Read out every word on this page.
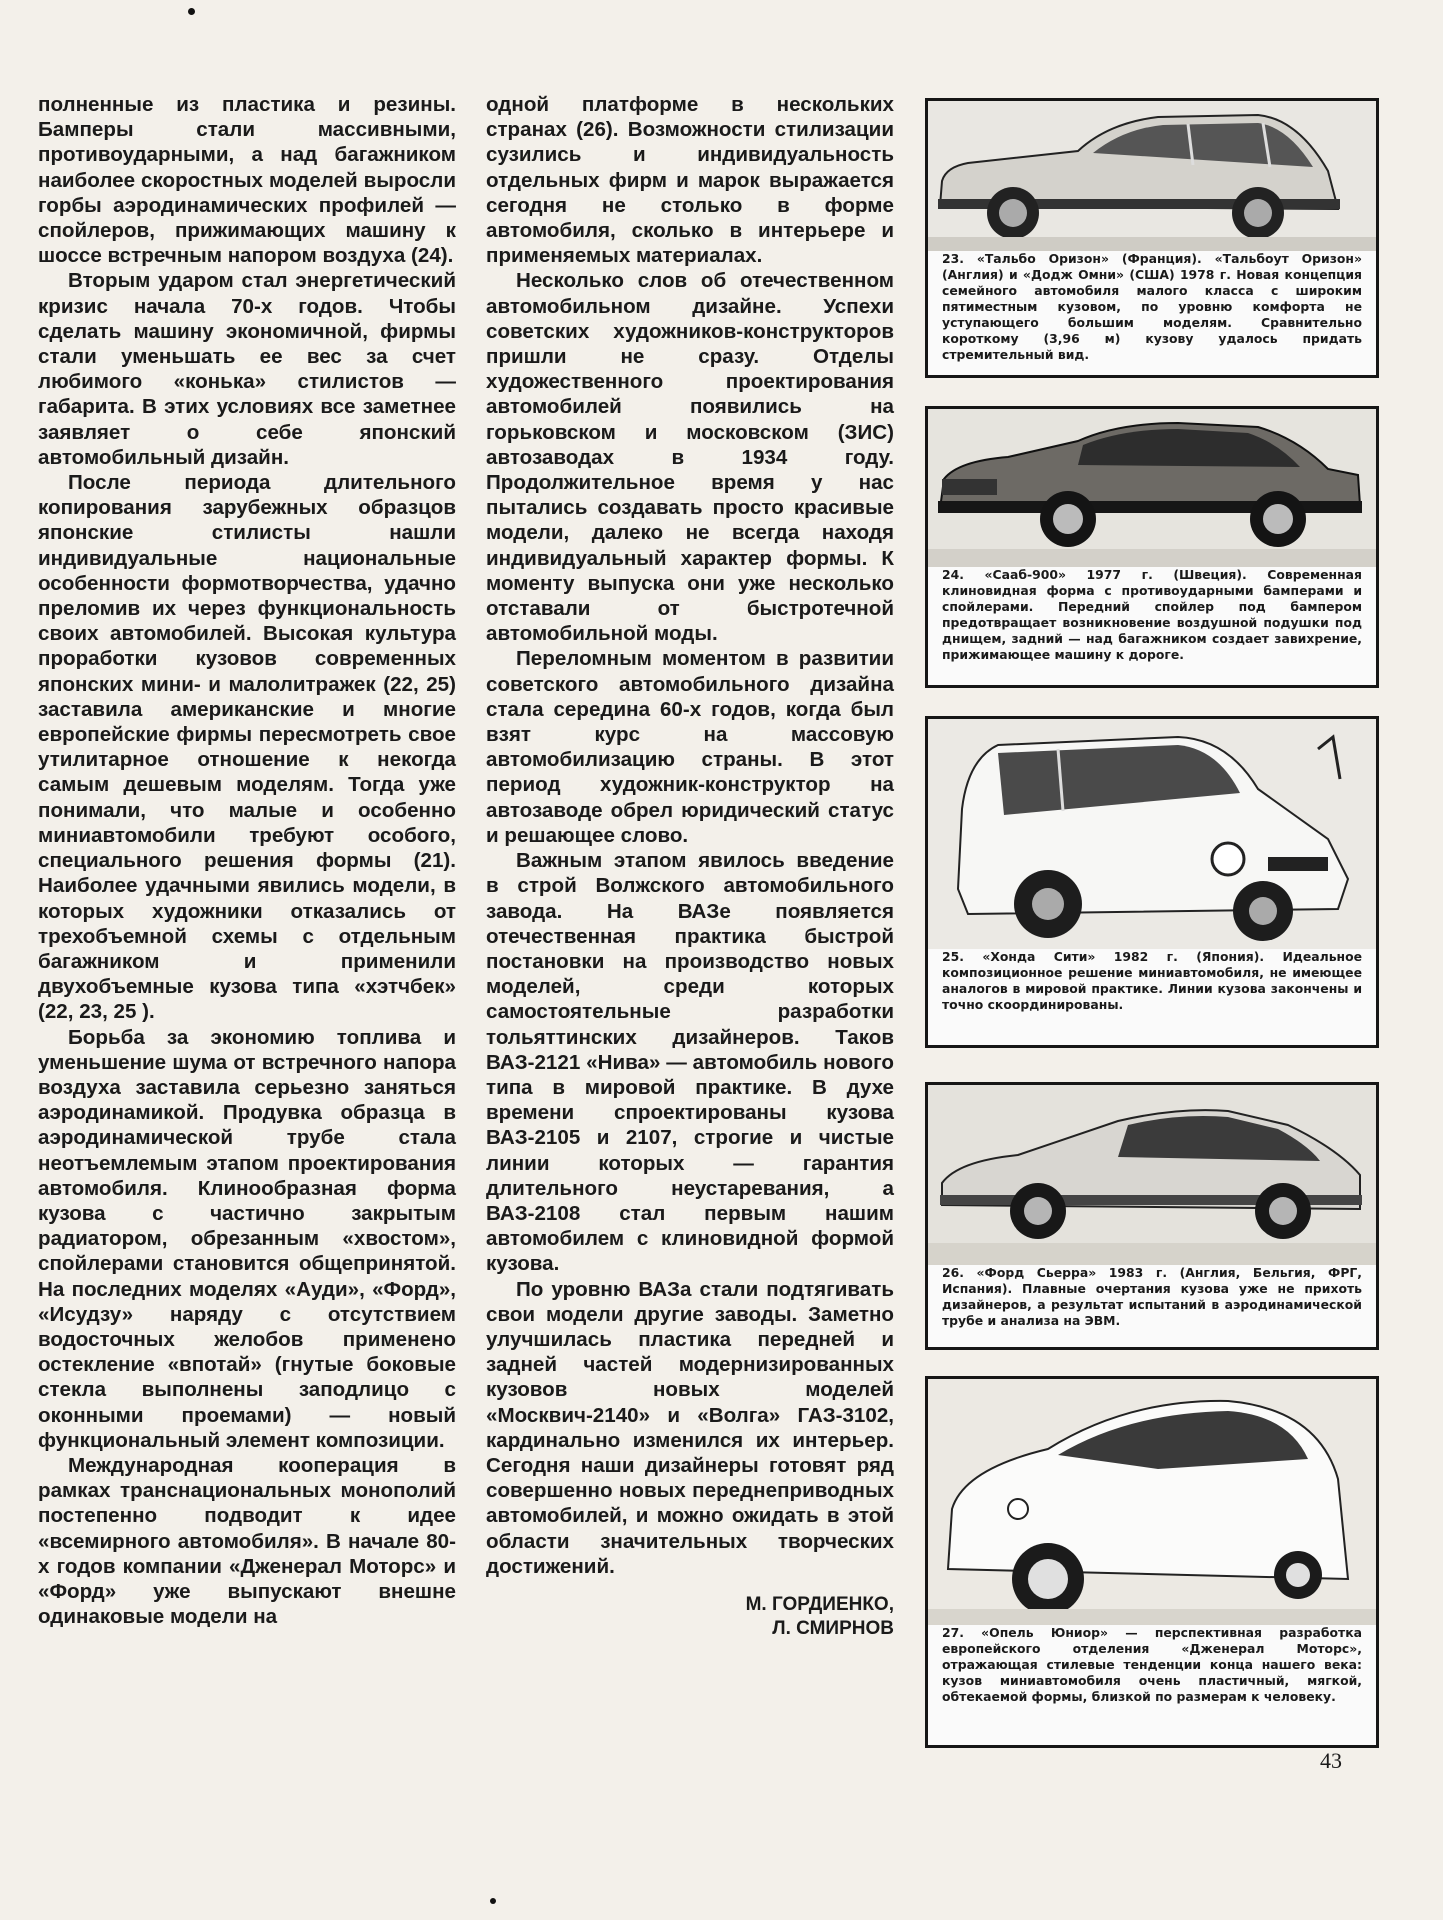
полненные из пластика и резины. Бамперы стали массивными, противоударными, а над багажником наиболее скоростных моделей выросли горбы аэродинамических профилей — спойлеров, прижимающих машину к шоссе встречным напором воздуха (24).

Вторым ударом стал энергетический кризис начала 70-х годов. Чтобы сделать машину экономичной, фирмы стали уменьшать ее вес за счет любимого «конька» стилистов — габарита. В этих условиях все заметнее заявляет о себе японский автомобильный дизайн.

После периода длительного копирования зарубежных образцов японские стилисты нашли индивидуальные национальные особенности формотворчества, удачно преломив их через функциональность своих автомобилей. Высокая культура проработки кузовов современных японских мини- и малолитражек (22, 25) заставила американские и многие европейские фирмы пересмотреть свое утилитарное отношение к некогда самым дешевым моделям. Тогда уже понимали, что малые и особенно миниавтомобили требуют особого, специального решения формы (21). Наиболее удачными явились модели, в которых художники отказались от трехобъемной схемы с отдельным багажником и применили двухобъемные кузова типа «хэтчбек» (22, 23, 25 ).

Борьба за экономию топлива и уменьшение шума от встречного напора воздуха заставила серьезно заняться аэродинамикой. Продувка образца в аэродинамической трубе стала неотъемлемым этапом проектирования автомобиля. Клинообразная форма кузова с частично закрытым радиатором, обрезанным «хвостом», спойлерами становится общепринятой. На последних моделях «Ауди», «Форд», «Исудзу» наряду с отсутствием водосточных желобов применено остекление «впотай» (гнутые боковые стекла выполнены заподлицо с оконными проемами) — новый функциональный элемент композиции.

Международная кооперация в рамках транснациональных монополий постепенно подводит к идее «всемирного автомобиля». В начале 80-х годов компании «Дженерал Моторс» и «Форд» уже выпускают внешне одинаковые модели на

одной платформе в нескольких странах (26). Возможности стилизации сузились и индивидуальность отдельных фирм и марок выражается сегодня не столько в форме автомобиля, сколько в интерьере и применяемых материалах.

Несколько слов об отечественном автомобильном дизайне. Успехи советских художников-конструкторов пришли не сразу. Отделы художественного проектирования автомобилей появились на горьковском и московском (ЗИС) автозаводах в 1934 году. Продолжительное время у нас пытались создавать просто красивые модели, далеко не всегда находя индивидуальный характер формы. К моменту выпуска они уже несколько отставали от быстротечной автомобильной моды.

Переломным моментом в развитии советского автомобильного дизайна стала середина 60-х годов, когда был взят курс на массовую автомобилизацию страны. В этот период художник-конструктор на автозаводе обрел юридический статус и решающее слово.

Важным этапом явилось введение в строй Волжского автомобильного завода. На ВАЗе появляется отечественная практика быстрой постановки на производство новых моделей, среди которых самостоятельные разработки тольяттинских дизайнеров. Таков ВАЗ-2121 «Нива» — автомобиль нового типа в мировой практике. В духе времени спроектированы кузова ВАЗ-2105 и 2107, строгие и чистые линии которых — гарантия длительного неустаревания, а ВАЗ-2108 стал первым нашим автомобилем с клиновидной формой кузова.

По уровню ВАЗа стали подтягивать свои модели другие заводы. Заметно улучшилась пластика передней и задней частей модернизированных кузовов новых моделей «Москвич-2140» и «Волга» ГАЗ-3102, кардинально изменился их интерьер. Сегодня наши дизайнеры готовят ряд совершенно новых переднеприводных автомобилей, и можно ожидать в этой области значительных творческих достижений.

М. ГОРДИЕНКО,
Л. СМИРНОВ
23. «Тальбо Оризон» (Франция). «Тальбоут Оризон» (Англия) и «Додж Омни» (США) 1978 г. Новая концепция семейного автомобиля малого класса с широким пятиместным кузовом, по уровню комфорта не уступающего большим моделям. Сравнительно короткому (3,96 м) кузову удалось придать стремительный вид.
24. «Сааб-900» 1977 г. (Швеция). Современная клиновидная форма с противоударными бамперами и спойлерами. Передний спойлер под бампером предотвращает возникновение воздушной подушки под днищем, задний — над багажником создает завихрение, прижимающее машину к дороге.
25. «Хонда Сити» 1982 г. (Япония). Идеальное композиционное решение миниавтомобиля, не имеющее аналогов в мировой практике. Линии кузова закончены и точно скоординированы.
26. «Форд Сьерра» 1983 г. (Англия, Бельгия, ФРГ, Испания). Плавные очертания кузова уже не прихоть дизайнеров, а результат испытаний в аэродинамической трубе и анализа на ЭВМ.
27. «Опель Юниор» — перспективная разработка европейского отделения «Дженерал Моторс», отражающая стилевые тенденции конца нашего века: кузов миниавтомобиля очень пластичный, мягкой, обтекаемой формы, близкой по размерам к человеку.
43
